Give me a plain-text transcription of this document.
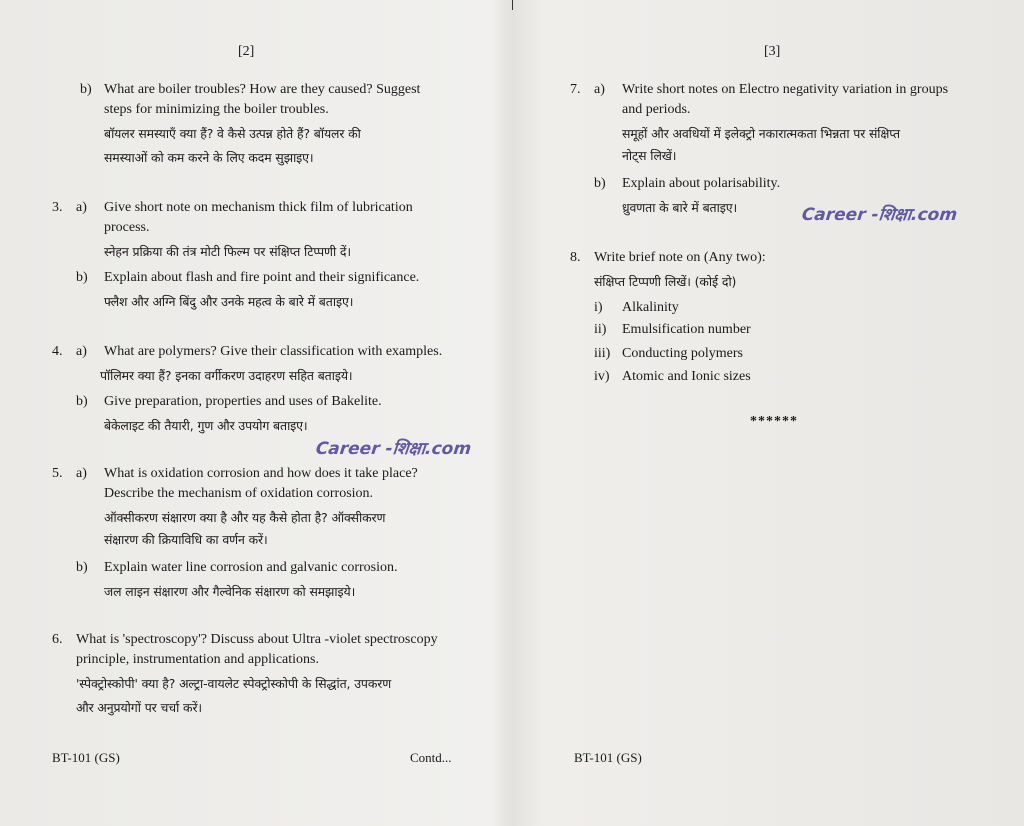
[2]
b) What are boiler troubles? How are they caused? Suggest
steps for minimizing the boiler troubles.
बॉयलर समस्याएँ क्या हैं? वे कैसे उत्पन्न होते हैं? बॉयलर की
समस्याओं को कम करने के लिए कदम सुझाइए।
3. a) Give short note on mechanism thick film of lubrication
process.
स्नेहन प्रक्रिया की तंत्र मोटी फिल्म पर संक्षिप्त टिप्पणी दें।
b) Explain about flash and fire point and their significance.
फ्लैश और अग्नि बिंदु और उनके महत्व के बारे में बताइए।
4. a) What are polymers? Give their classification with examples.
पॉलिमर क्या हैं? इनका वर्गीकरण उदाहरण सहित बताइये।
b) Give preparation, properties and uses of Bakelite.
बेकेलाइट की तैयारी, गुण और उपयोग बताइए।
Career -शिक्षा.com
5. a) What is oxidation corrosion and how does it take place?
Describe the mechanism of oxidation corrosion.
ऑक्सीकरण संक्षारण क्या है और यह कैसे होता है? ऑक्सीकरण
संक्षारण की क्रियाविधि का वर्णन करें।
b) Explain water line corrosion and galvanic corrosion.
जल लाइन संक्षारण और गैल्वेनिक संक्षारण को समझाइये।
6. What is 'spectroscopy'? Discuss about Ultra -violet spectroscopy
principle, instrumentation and applications.
'स्पेक्ट्रोस्कोपी' क्या है? अल्ट्रा-वायलेट स्पेक्ट्रोस्कोपी के सिद्धांत, उपकरण
और अनुप्रयोगों पर चर्चा करें।
BT-101 (GS)	Contd...
[3]
7. a) Write short notes on Electro negativity variation in groups
and periods.
समूहों और अवधियों में इलेक्ट्रो नकारात्मकता भिन्नता पर संक्षिप्त
नोट्स लिखें।
b) Explain about polarisability.
ध्रुवणता के बारे में बताइए।	Career -शिक्षा.com
8. Write brief note on (Any two):
संक्षिप्त टिप्पणी लिखें। (कोई दो)
i) Alkalinity
ii) Emulsification number
iii) Conducting polymers
iv) Atomic and Ionic sizes
******
BT-101 (GS)
